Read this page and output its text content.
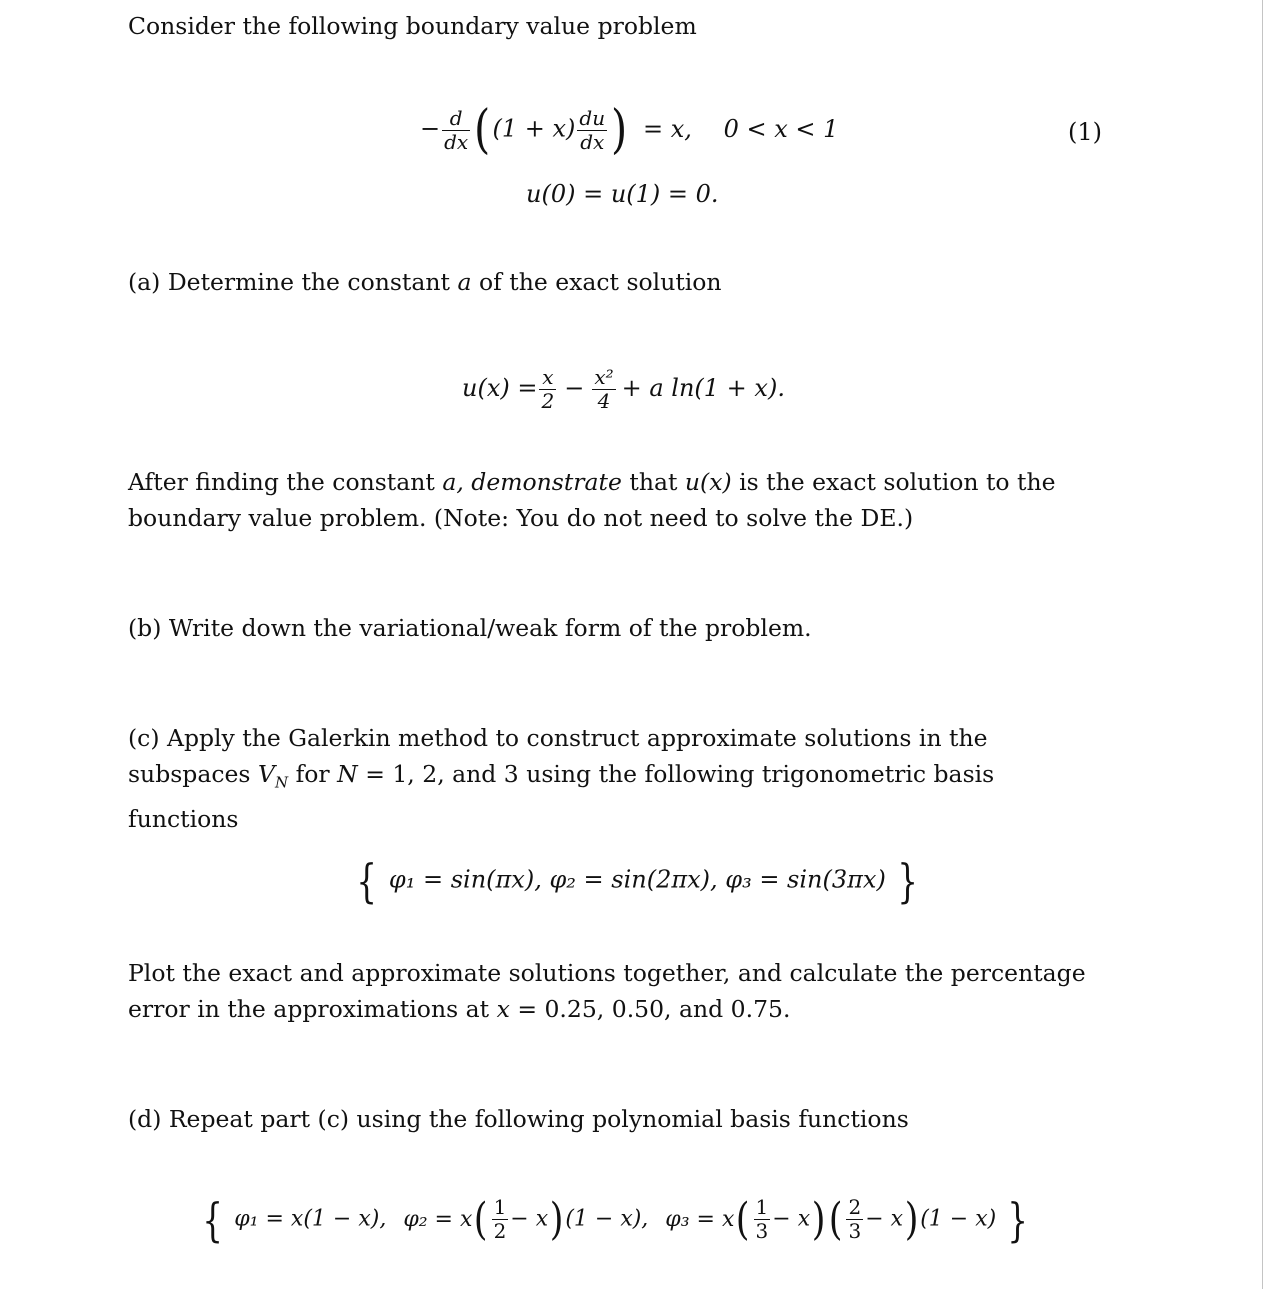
Consider the following boundary value problem

− $\frac{d}{dx} ((1 + x) \frac{du}{dx}$ ) = x, 0 < x < 1	(1)
u(0) = u(1) = 0.

(a) Determine the constant a of the exact solution

$u(x) = \frac{x}{2} - \frac{\text{x²}}{4} + a$ ln(1 + x).

After finding the constant a, demonstrate that u(x) is the exact solution to the boundary value problem. (Note: You do not need to solve the DE.)

(b) Write down the variational/weak form of the problem.

(c) Apply the Galerkin method to construct approximate solutions in the subspaces $V_N$ for N = 1, 2, and 3 using the following trigonometric basis functions

{ φ₁ = sin(πx), φ₂ = sin(2πx), φ₃ = sin(3πx) }

Plot the exact and approximate solutions together, and calculate the percentage error in the approximations at x = 0.25, 0.50, and 0.75.

(d) Repeat part (c) using the following polynomial basis functions

{ φ₁ = x(1 − x), $\varphi_2 = x( \frac{1}{2} - x)(1 - x)$, $\varphi_3 = x( \frac{1}{3} - x)( \frac{2}{3} - x)(1 - x)$ }
